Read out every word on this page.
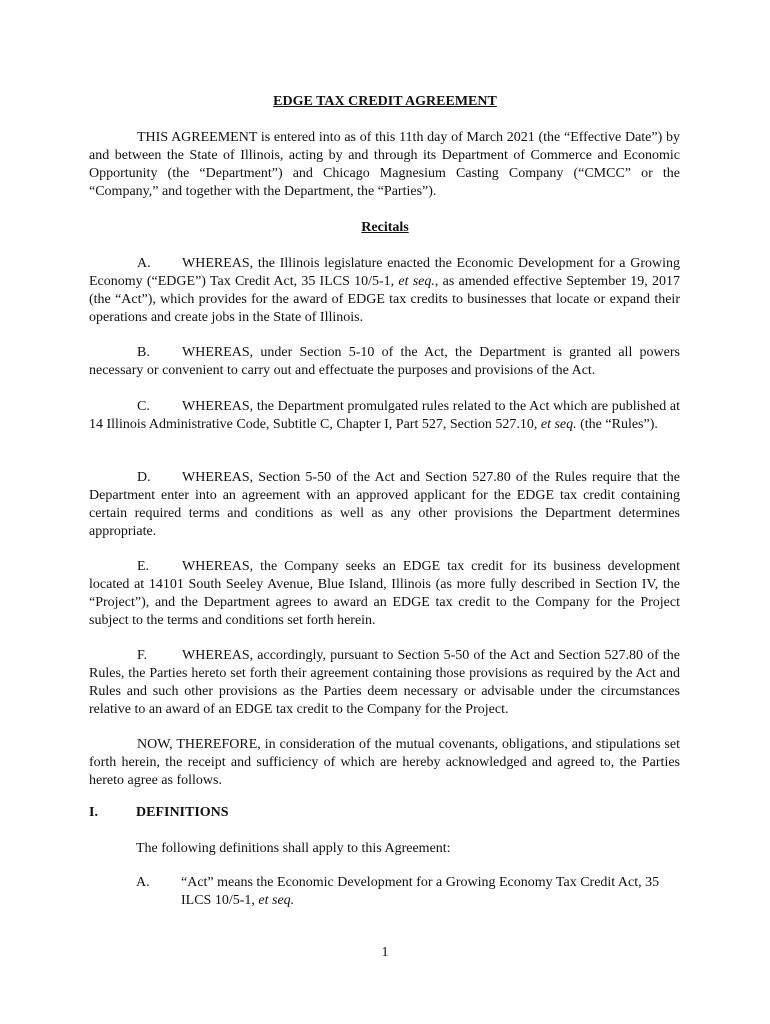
EDGE TAX CREDIT AGREEMENT

THIS AGREEMENT is entered into as of this 11th day of March 2021 (the “Effective Date”) by and between the State of Illinois, acting by and through its Department of Commerce and Economic Opportunity (the “Department”) and Chicago Magnesium Casting Company (“CMCC” or the “Company,” and together with the Department, the “Parties”).

Recitals

A. WHEREAS, the Illinois legislature enacted the Economic Development for a Growing Economy (“EDGE”) Tax Credit Act, 35 ILCS 10/5-1, et seq., as amended effective September 19, 2017 (the “Act”), which provides for the award of EDGE tax credits to businesses that locate or expand their operations and create jobs in the State of Illinois.

B. WHEREAS, under Section 5-10 of the Act, the Department is granted all powers necessary or convenient to carry out and effectuate the purposes and provisions of the Act.

C. WHEREAS, the Department promulgated rules related to the Act which are published at 14 Illinois Administrative Code, Subtitle C, Chapter I, Part 527, Section 527.10, et seq. (the “Rules”).

D. WHEREAS, Section 5-50 of the Act and Section 527.80 of the Rules require that the Department enter into an agreement with an approved applicant for the EDGE tax credit containing certain required terms and conditions as well as any other provisions the Department determines appropriate.

E. WHEREAS, the Company seeks an EDGE tax credit for its business development located at 14101 South Seeley Avenue, Blue Island, Illinois (as more fully described in Section IV, the “Project”), and the Department agrees to award an EDGE tax credit to the Company for the Project subject to the terms and conditions set forth herein.

F. WHEREAS, accordingly, pursuant to Section 5-50 of the Act and Section 527.80 of the Rules, the Parties hereto set forth their agreement containing those provisions as required by the Act and Rules and such other provisions as the Parties deem necessary or advisable under the circumstances relative to an award of an EDGE tax credit to the Company for the Project.

NOW, THEREFORE, in consideration of the mutual covenants, obligations, and stipulations set forth herein, the receipt and sufficiency of which are hereby acknowledged and agreed to, the Parties hereto agree as follows.

I.	DEFINITIONS

The following definitions shall apply to this Agreement:

A. “Act” means the Economic Development for a Growing Economy Tax Credit Act, 35 ILCS 10/5-1, et seq.

1
